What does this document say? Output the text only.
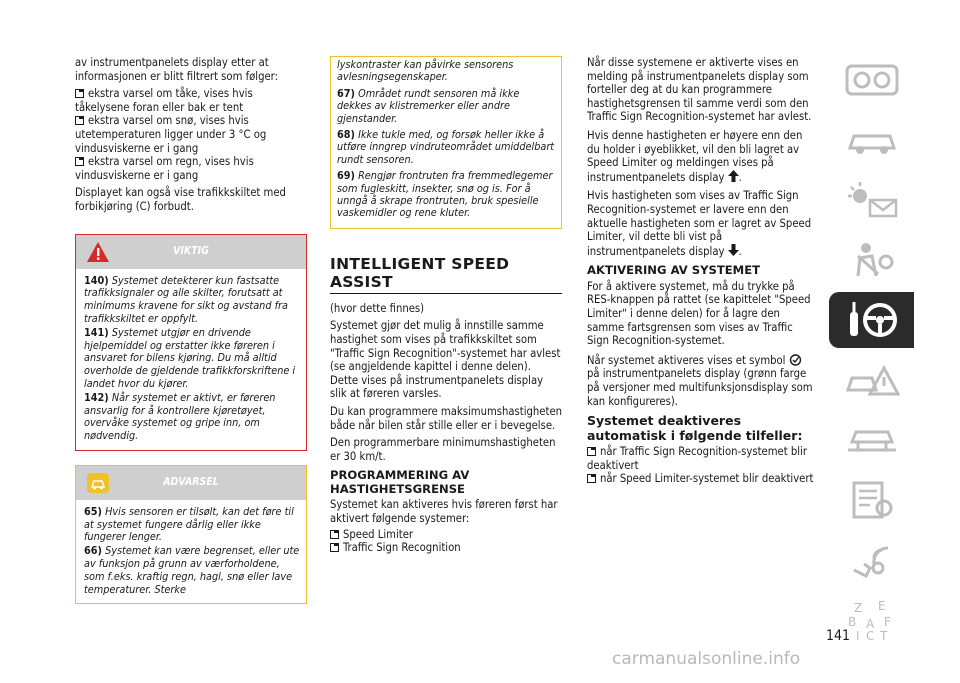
av instrumentpanelets display etter at informasjonen er blitt filtrert som følger:

ekstra varsel om tåke, vises hvis tåkelysene foran eller bak er tent
ekstra varsel om snø, vises hvis utetemperaturen ligger under 3 °C og vindusviskerne er i gang
ekstra varsel om regn, vises hvis vindusviskerne er i gang

Displayet kan også vise trafikkskiltet med forbikjøring (C) forbudt.

VIKTIG

140) Systemet detekterer kun fastsatte trafikksignaler og alle skilter, forutsatt at minimums kravene for sikt og avstand fra trafikkskiltet er oppfylt.

141) Systemet utgjør en drivende hjelpemiddel og erstatter ikke føreren i ansvaret for bilens kjøring. Du må alltid overholde de gjeldende trafikkforskriftene i landet hvor du kjører.

142) Når systemet er aktivt, er føreren ansvarlig for å kontrollere kjøretøyet, overvåke systemet og gripe inn, om nødvendig.

ADVARSEL

65) Hvis sensoren er tilsølt, kan det føre til at systemet fungere dårlig eller ikke fungerer lenger.

66) Systemet kan være begrenset, eller ute av funksjon på grunn av værforholdene, som f.eks. kraftig regn, hagl, snø eller lave temperaturer. Sterke

lyskontraster kan påvirke sensorens avlesningsegenskaper.

67) Området rundt sensoren må ikke dekkes av klistremerker eller andre gjenstander.

68) Ikke tukle med, og forsøk heller ikke å utføre inngrep vindruteområdet umiddelbart rundt sensoren.

69) Rengjør frontruten fra fremmedlegemer som fugleskitt, insekter, snø og is. For å unngå å skrape frontruten, bruk spesielle vaskemidler og rene kluter.

INTELLIGENT SPEED ASSIST

(hvor dette finnes)

Systemet gjør det mulig å innstille samme hastighet som vises på trafikkskiltet som "Traffic Sign Recognition"-systemet har avlest (se angjeldende kapittel i denne delen). Dette vises på instrumentpanelets display slik at føreren varsles.

Du kan programmere maksimumshastigheten både når bilen står stille eller er i bevegelse.

Den programmerbare minimumshastigheten er 30 km/t.

PROGRAMMERING AV HASTIGHETSGRENSE

Systemet kan aktiveres hvis føreren først har aktivert følgende systemer:

Speed Limiter
Traffic Sign Recognition

Når disse systemene er aktiverte vises en melding på instrumentpanelets display som forteller deg at du kan programmere hastighetsgrensen til samme verdi som den Traffic Sign Recognition-systemet har avlest.

Hvis denne hastigheten er høyere enn den du holder i øyeblikket, vil den bli lagret av Speed Limiter og meldingen vises på instrumentpanelets display .

Hvis hastigheten som vises av Traffic Sign Recognition-systemet er lavere enn den aktuelle hastigheten som er lagret av Speed Limiter, vil dette bli vist på instrumentpanelets display .

AKTIVERING AV SYSTEMET

For å aktivere systemet, må du trykke på RES-knappen på rattet (se kapittelet "Speed Limiter" i denne delen) for å lagre den samme fartsgrensen som vises av Traffic Sign Recognition-systemet.

Når systemet aktiveres vises et symbol  på instrumentpanelets display (grønn farge på versjoner med multifunksjonsdisplay som kan konfigureres).

Systemet deaktiveres automatisk i følgende tilfeller:
når Traffic Sign Recognition-systemet blir deaktivert
når Speed Limiter-systemet blir deaktivert
Z E
B A F
I C T
141
carmanualsonline.info
